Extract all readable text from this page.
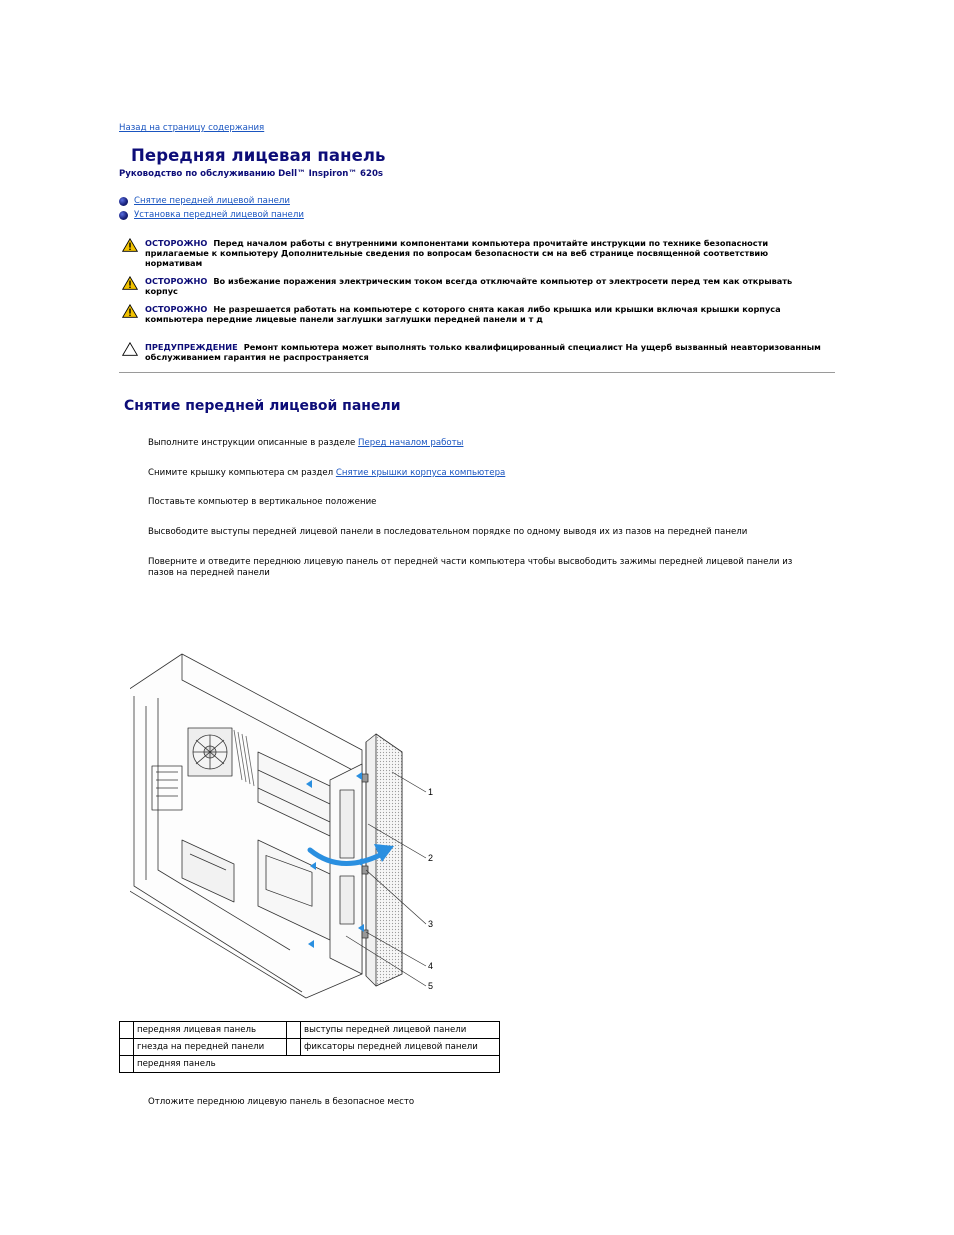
Назад на страницу содержания
Передняя лицевая панель

Руководство по обслуживанию Dell™ Inspiron™ 620s

Снятие передней лицевой панели
Установка передней лицевой панели
ОСТОРОЖНО Перед началом работы с внутренними компонентами компьютера прочитайте инструкции по технике безопасности прилагаемые к компьютеру Дополнительные сведения по вопросам безопасности см на веб странице посвященной соответствию нормативам
ОСТОРОЖНО Во избежание поражения электрическим током всегда отключайте компьютер от электросети перед тем как открывать корпус
ОСТОРОЖНО Не разрешается работать на компьютере с которого снята какая либо крышка или крышки включая крышки корпуса компьютера передние лицевые панели заглушки заглушки передней панели и т д
ПРЕДУПРЕЖДЕНИЕ Ремонт компьютера может выполнять только квалифицированный специалист На ущерб вызванный неавторизованным обслуживанием гарантия не распространяется
Снятие передней лицевой панели
Выполните инструкции описанные в разделе Перед началом работы
Снимите крышку компьютера см раздел Снятие крышки корпуса компьютера
Поставьте компьютер в вертикальное положение
Высвободите выступы передней лицевой панели в последовательном порядке по одному выводя их из пазов на передней панели
Поверните и отведите переднюю лицевую панель от передней части компьютера чтобы высвободить зажимы передней лицевой панели из пазов на передней панели
1
2
3
4
5
	передняя лицевая панель		выступы передней лицевой панели
	гнезда на передней панели		фиксаторы передней лицевой панели
	передняя панель		
Отложите переднюю лицевую панель в безопасное место
